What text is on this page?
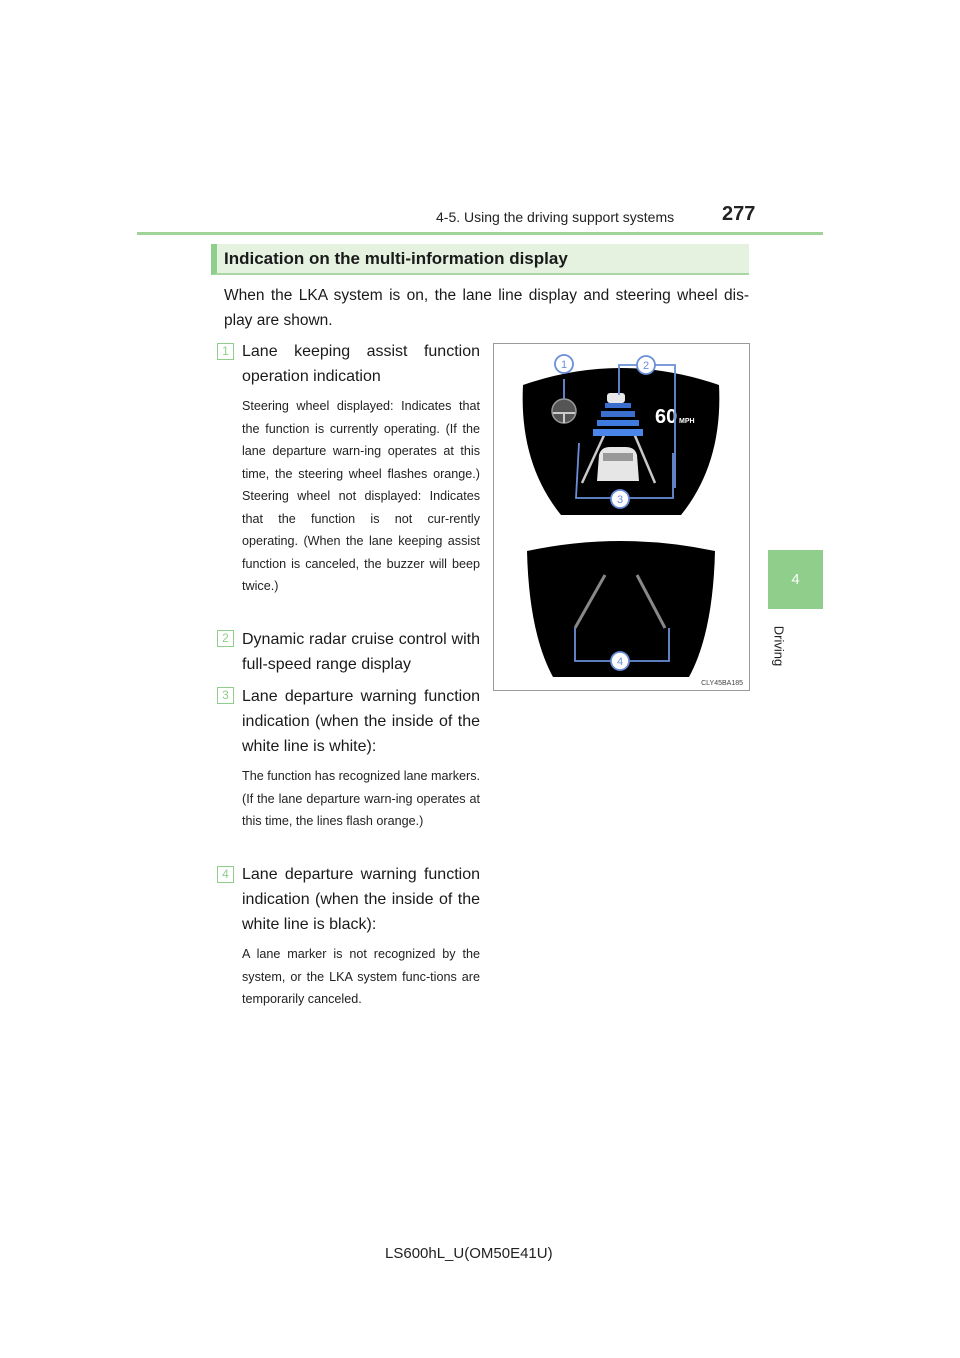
4-5. Using the driving support systems 277
4
Driving
Indication on the multi-information display
When the LKA system is on, the lane line display and steering wheel dis-play are shown.
1 Lane keeping assist function operation indication
Steering wheel displayed: Indicates that the function is currently operating. (If the lane departure warn-ing operates at this time, the steering wheel flashes orange.) Steering wheel not displayed: Indicates that the function is not cur-rently operating. (When the lane keeping assist function is canceled, the buzzer will beep twice.)
2 Dynamic radar cruise control with full-speed range display
3 Lane departure warning function indication (when the inside of the white line is white):
The function has recognized lane markers. (If the lane departure warn-ing operates at this time, the lines flash orange.)
4 Lane departure warning function indication (when the inside of the white line is black):
A lane marker is not recognized by the system, or the LKA system func-tions are temporarily canceled.
60 MPH
1	2
3
4
CLY45BA185
LS600hL_U(OM50E41U)
